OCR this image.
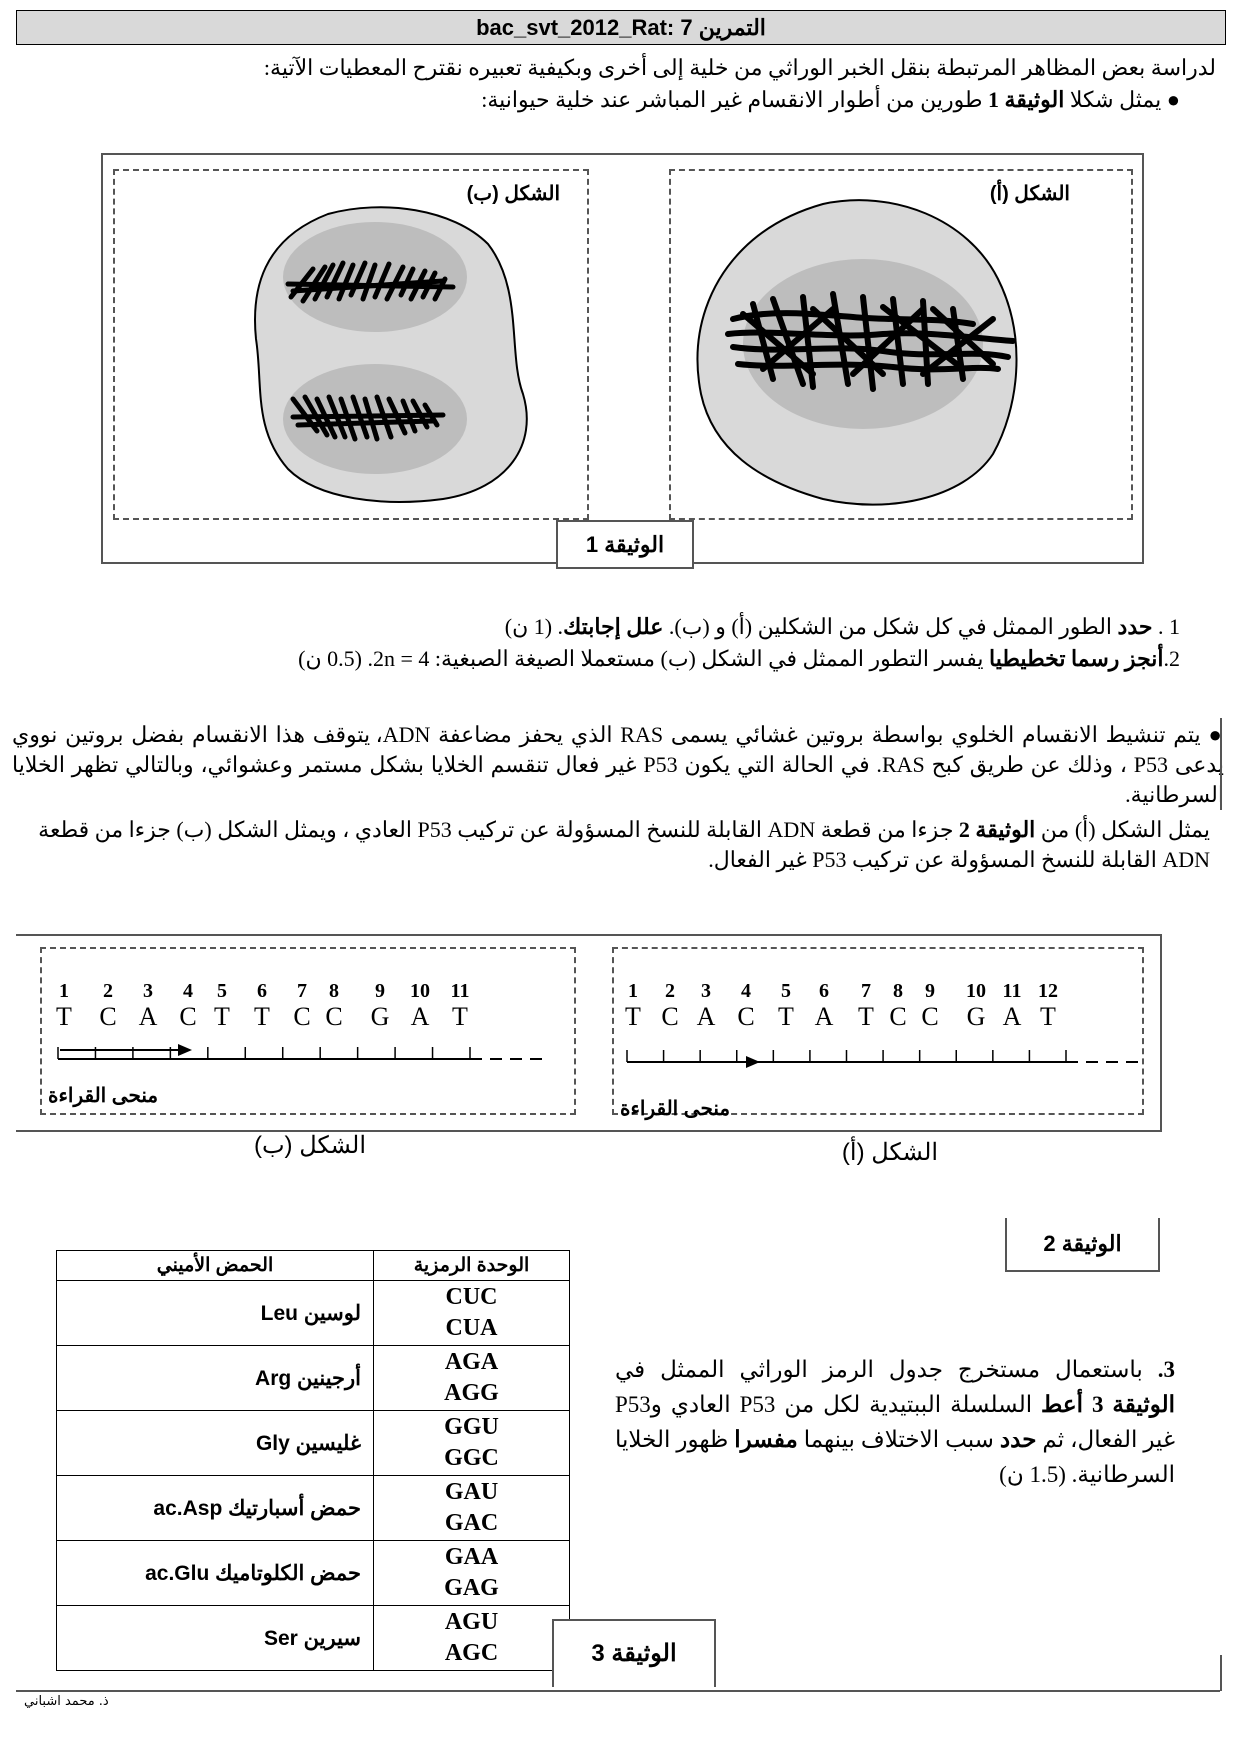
bac_svt_2012_Rat: 7 التمرين
لدراسة بعض المظاهر المرتبطة بنقل الخبر الوراثي من خلية إلى أخرى وبكيفية تعبيره نقترح المعطيات الآتية:
● يمثل شكلا الوثيقة 1 طورين من أطوار الانقسام غير المباشر عند خلية حيوانية:
الشكل (ب)	الشكل (أ)
الوثيقة 1
1 . حدد الطور الممثل في كل شكل من الشكلين (أ) و (ب). علل إجابتك. (1 ن)
2.أنجز رسما تخطيطيا يفسر التطور الممثل في الشكل (ب) مستعملا الصيغة الصبغية: 2n = 4. (0.5 ن)
● يتم تنشيط الانقسام الخلوي بواسطة بروتين غشائي يسمى RAS الذي يحفز مضاعفة ADN، يتوقف هذا الانقسام بفضل بروتين نووي يدعى P53 ، وذلك عن طريق كبح RAS. في الحالة التي يكون P53 غير فعال تنقسم الخلايا بشكل مستمر وعشوائي، وبالتالي تظهر الخلايا السرطانية.
يمثل الشكل (أ) من الوثيقة 2 جزءا من قطعة ADN القابلة للنسخ المسؤولة عن تركيب P53 العادي ، ويمثل الشكل (ب) جزءا من قطعة ADN القابلة للنسخ المسؤولة عن تركيب P53 غير الفعال.
1 2 3 4 5 6 7 8 9 10 11
T C A C T T C C G A T
1 2 3 4 5 6 7 8 9 10 11 12
T C A C T A T C C G A T
منحى القراءة
منحى القراءة
الشكل (ب)	الشكل (أ)
الوثيقة 2
الحمض الأميني	الوحدة الرمزية
لوسين Leu	CUC
CUA

أرجينين Arg	AGA
AGG

غليسين Gly	GGU
GGC

حمض أسبارتيك ac.Asp	GAU
GAC

حمض الكلوتاميك ac.Glu	GAA
GAG

سيرين Ser	AGU
AGC	الوثيقة 3
3. باستعمال مستخرج جدول الرمز الوراثي الممثل في الوثيقة 3 أعط السلسلة الببتيدية لكل من P53 العادي وP53 غير الفعال، ثم حدد سبب الاختلاف بينهما مفسرا ظهور الخلايا السرطانية. (1.5 ن)
ذ. محمد اشباني
